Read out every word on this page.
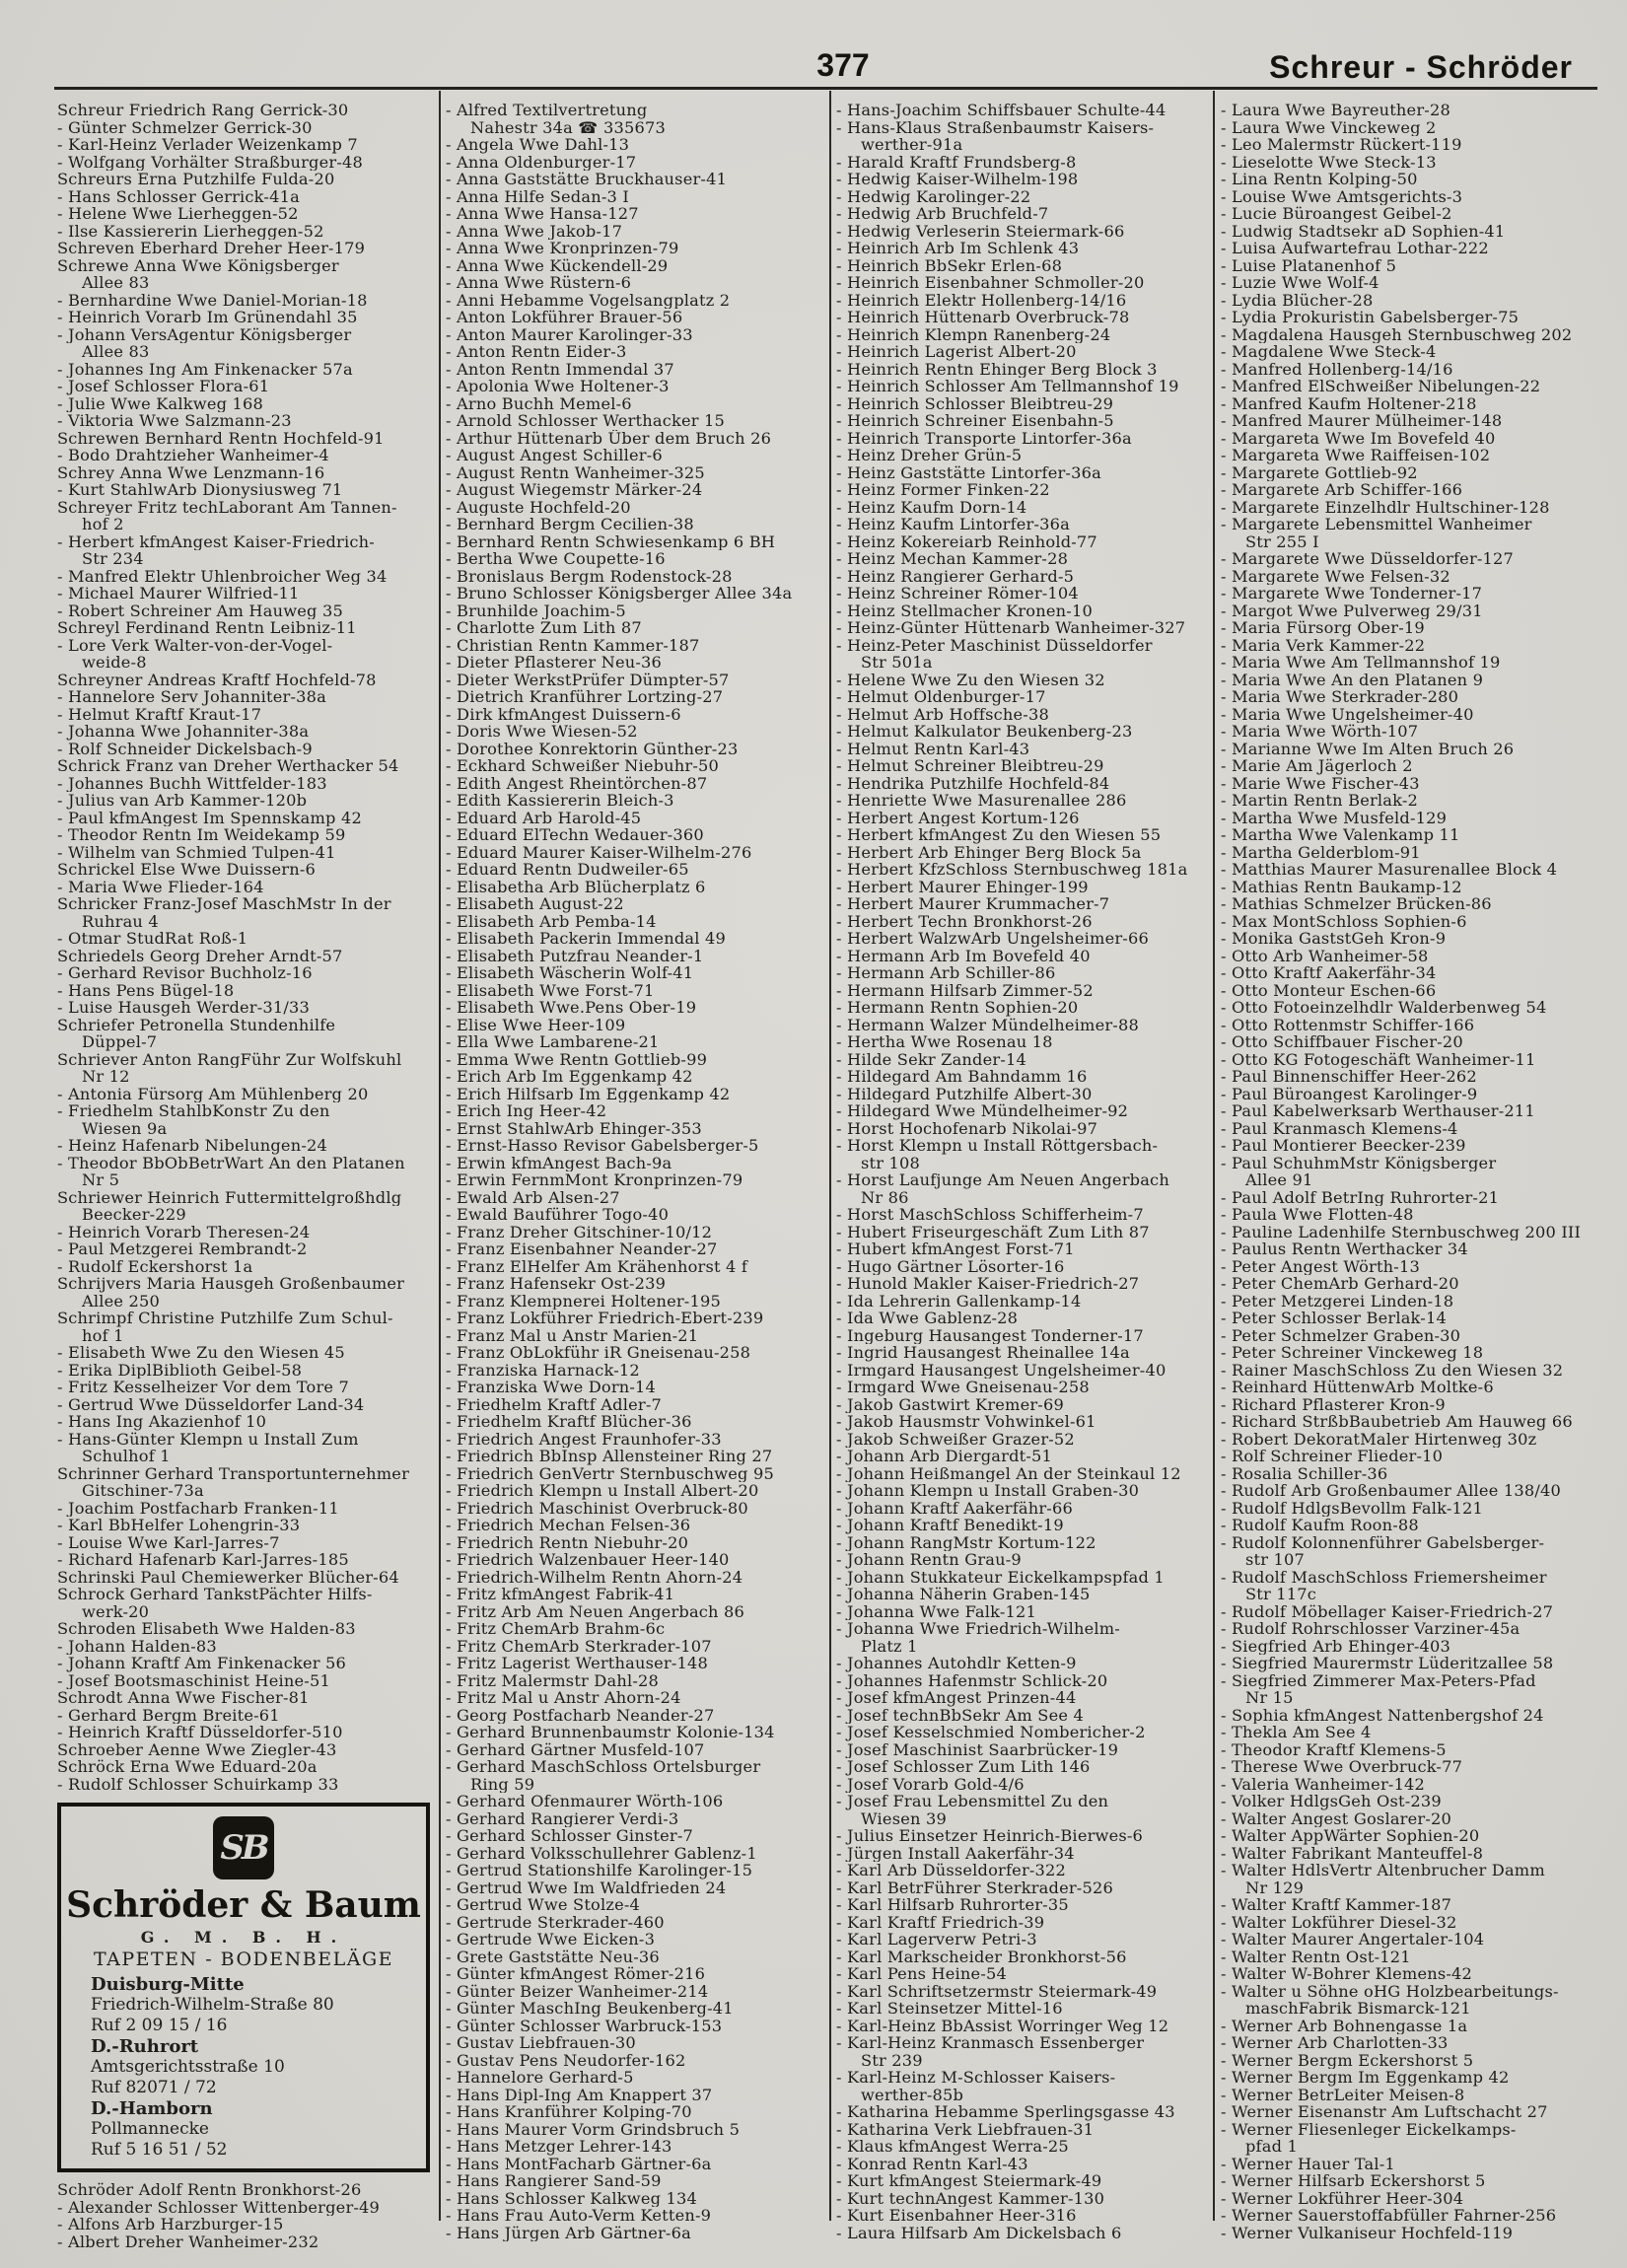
377	Schreur - Schröder
Schreur Friedrich Rang Gerrick-30
- Günter Schmelzer Gerrick-30
- Karl-Heinz Verlader Weizenkamp 7
- Wolfgang Vorhälter Straßburger-48
Schreurs Erna Putzhilfe Fulda-20
- Hans Schlosser Gerrick-41a
- Helene Wwe Lierheggen-52
- Ilse Kassiererin Lierheggen-52
Schreven Eberhard Dreher Heer-179
Schrewe Anna Wwe Königsberger
Allee 83
- Bernhardine Wwe Daniel-Morian-18
- Heinrich Vorarb Im Grünendahl 35
- Johann VersAgentur Königsberger
Allee 83
- Johannes Ing Am Finkenacker 57a
- Josef Schlosser Flora-61
- Julie Wwe Kalkweg 168
- Viktoria Wwe Salzmann-23
Schrewen Bernhard Rentn Hochfeld-91
- Bodo Drahtzieher Wanheimer-4
Schrey Anna Wwe Lenzmann-16
- Kurt StahlwArb Dionysiusweg 71
Schreyer Fritz techLaborant Am Tannen-
hof 2
- Herbert kfmAngest Kaiser-Friedrich-
Str 234
- Manfred Elektr Uhlenbroicher Weg 34
- Michael Maurer Wilfried-11
- Robert Schreiner Am Hauweg 35
Schreyl Ferdinand Rentn Leibniz-11
- Lore Verk Walter-von-der-Vogel-
weide-8
Schreyner Andreas Kraftf Hochfeld-78
- Hannelore Serv Johanniter-38a
- Helmut Kraftf Kraut-17
- Johanna Wwe Johanniter-38a
- Rolf Schneider Dickelsbach-9
Schrick Franz van Dreher Werthacker 54
- Johannes Buchh Wittfelder-183
- Julius van Arb Kammer-120b
- Paul kfmAngest Im Spennskamp 42
- Theodor Rentn Im Weidekamp 59
- Wilhelm van Schmied Tulpen-41
Schrickel Else Wwe Duissern-6
- Maria Wwe Flieder-164
Schricker Franz-Josef MaschMstr In der
Ruhrau 4
- Otmar StudRat Roß-1
Schriedels Georg Dreher Arndt-57
- Gerhard Revisor Buchholz-16
- Hans Pens Bügel-18
- Luise Hausgeh Werder-31/33
Schriefer Petronella Stundenhilfe
Düppel-7
Schriever Anton RangFühr Zur Wolfskuhl
Nr 12
- Antonia Fürsorg Am Mühlenberg 20
- Friedhelm StahlbKonstr Zu den
Wiesen 9a
- Heinz Hafenarb Nibelungen-24
- Theodor BbObBetrWart An den Platanen
Nr 5
Schriewer Heinrich Futtermittelgroßhdlg
Beecker-229
- Heinrich Vorarb Theresen-24
- Paul Metzgerei Rembrandt-2
- Rudolf Eckershorst 1a
Schrijvers Maria Hausgeh Großenbaumer
Allee 250
Schrimpf Christine Putzhilfe Zum Schul-
hof 1
- Elisabeth Wwe Zu den Wiesen 45
- Erika DiplBiblioth Geibel-58
- Fritz Kesselheizer Vor dem Tore 7
- Gertrud Wwe Düsseldorfer Land-34
- Hans Ing Akazienhof 10
- Hans-Günter Klempn u Install Zum
Schulhof 1
Schrinner Gerhard Transportunternehmer
Gitschiner-73a
- Joachim Postfacharb Franken-11
- Karl BbHelfer Lohengrin-33
- Louise Wwe Karl-Jarres-7
- Richard Hafenarb Karl-Jarres-185
Schrinski Paul Chemiewerker Blücher-64
Schrock Gerhard TankstPächter Hilfs-
werk-20
Schroden Elisabeth Wwe Halden-83
- Johann Halden-83
- Johann Kraftf Am Finkenacker 56
- Josef Bootsmaschinist Heine-51
Schrodt Anna Wwe Fischer-81
- Gerhard Bergm Breite-61
- Heinrich Kraftf Düsseldorfer-510
Schroeber Aenne Wwe Ziegler-43
Schröck Erna Wwe Eduard-20a
- Rudolf Schlosser Schuirkamp 33
SB
Schröder & Baum
G. M. B. H.
TAPETEN - BODENBELÄGE
Duisburg-Mitte
Friedrich-Wilhelm-Straße 80
Ruf 2 09 15 / 16
D.-Ruhrort
Amtsgerichtsstraße 10
Ruf 82071 / 72
D.-Hamborn
Pollmannecke
Ruf 5 16 51 / 52
Schröder Adolf Rentn Bronkhorst-26
- Alexander Schlosser Wittenberger-49
- Alfons Arb Harzburger-15
- Albert Dreher Wanheimer-232
- Alfred Textilvertretung
Nahestr 34a ☎ 335673
- Angela Wwe Dahl-13
- Anna Oldenburger-17
- Anna Gaststätte Bruckhauser-41
- Anna Hilfe Sedan-3 I
- Anna Wwe Hansa-127
- Anna Wwe Jakob-17
- Anna Wwe Kronprinzen-79
- Anna Wwe Kückendell-29
- Anna Wwe Rüstern-6
- Anni Hebamme Vogelsangplatz 2
- Anton Lokführer Brauer-56
- Anton Maurer Karolinger-33
- Anton Rentn Eider-3
- Anton Rentn Immendal 37
- Apolonia Wwe Holtener-3
- Arno Buchh Memel-6
- Arnold Schlosser Werthacker 15
- Arthur Hüttenarb Über dem Bruch 26
- August Angest Schiller-6
- August Rentn Wanheimer-325
- August Wiegemstr Märker-24
- Auguste Hochfeld-20
- Bernhard Bergm Cecilien-38
- Bernhard Rentn Schwiesenkamp 6 BH
- Bertha Wwe Coupette-16
- Bronislaus Bergm Rodenstock-28
- Bruno Schlosser Königsberger Allee 34a
- Brunhilde Joachim-5
- Charlotte Zum Lith 87
- Christian Rentn Kammer-187
- Dieter Pflasterer Neu-36
- Dieter WerkstPrüfer Dümpter-57
- Dietrich Kranführer Lortzing-27
- Dirk kfmAngest Duissern-6
- Doris Wwe Wiesen-52
- Dorothee Konrektorin Günther-23
- Eckhard Schweißer Niebuhr-50
- Edith Angest Rheintörchen-87
- Edith Kassiererin Bleich-3
- Eduard Arb Harold-45
- Eduard ElTechn Wedauer-360
- Eduard Maurer Kaiser-Wilhelm-276
- Eduard Rentn Dudweiler-65
- Elisabetha Arb Blücherplatz 6
- Elisabeth August-22
- Elisabeth Arb Pemba-14
- Elisabeth Packerin Immendal 49
- Elisabeth Putzfrau Neander-1
- Elisabeth Wäscherin Wolf-41
- Elisabeth Wwe Forst-71
- Elisabeth Wwe.Pens Ober-19
- Elise Wwe Heer-109
- Ella Wwe Lambarene-21
- Emma Wwe Rentn Gottlieb-99
- Erich Arb Im Eggenkamp 42
- Erich Hilfsarb Im Eggenkamp 42
- Erich Ing Heer-42
- Ernst StahlwArb Ehinger-353
- Ernst-Hasso Revisor Gabelsberger-5
- Erwin kfmAngest Bach-9a
- Erwin FernmMont Kronprinzen-79
- Ewald Arb Alsen-27
- Ewald Bauführer Togo-40
- Franz Dreher Gitschiner-10/12
- Franz Eisenbahner Neander-27
- Franz ElHelfer Am Krähenhorst 4 f
- Franz Hafensekr Ost-239
- Franz Klempnerei Holtener-195
- Franz Lokführer Friedrich-Ebert-239
- Franz Mal u Anstr Marien-21
- Franz ObLokführ iR Gneisenau-258
- Franziska Harnack-12
- Franziska Wwe Dorn-14
- Friedhelm Kraftf Adler-7
- Friedhelm Kraftf Blücher-36
- Friedrich Angest Fraunhofer-33
- Friedrich BbInsp Allensteiner Ring 27
- Friedrich GenVertr Sternbuschweg 95
- Friedrich Klempn u Install Albert-20
- Friedrich Maschinist Overbruck-80
- Friedrich Mechan Felsen-36
- Friedrich Rentn Niebuhr-20
- Friedrich Walzenbauer Heer-140
- Friedrich-Wilhelm Rentn Ahorn-24
- Fritz kfmAngest Fabrik-41
- Fritz Arb Am Neuen Angerbach 86
- Fritz ChemArb Brahm-6c
- Fritz ChemArb Sterkrader-107
- Fritz Lagerist Werthauser-148
- Fritz Malermstr Dahl-28
- Fritz Mal u Anstr Ahorn-24
- Georg Postfacharb Neander-27
- Gerhard Brunnenbaumstr Kolonie-134
- Gerhard Gärtner Musfeld-107
- Gerhard MaschSchloss Ortelsburger
Ring 59
- Gerhard Ofenmaurer Wörth-106
- Gerhard Rangierer Verdi-3
- Gerhard Schlosser Ginster-7
- Gerhard Volksschullehrer Gablenz-1
- Gertrud Stationshilfe Karolinger-15
- Gertrud Wwe Im Waldfrieden 24
- Gertrud Wwe Stolze-4
- Gertrude Sterkrader-460
- Gertrude Wwe Eicken-3
- Grete Gaststätte Neu-36
- Günter kfmAngest Römer-216
- Günter Beizer Wanheimer-214
- Günter MaschIng Beukenberg-41
- Günter Schlosser Warbruck-153
- Gustav Liebfrauen-30
- Gustav Pens Neudorfer-162
- Hannelore Gerhard-5
- Hans Dipl-Ing Am Knappert 37
- Hans Kranführer Kolping-70
- Hans Maurer Vorm Grindsbruch 5
- Hans Metzger Lehrer-143
- Hans MontFacharb Gärtner-6a
- Hans Rangierer Sand-59
- Hans Schlosser Kalkweg 134
- Hans Frau Auto-Verm Ketten-9
- Hans Jürgen Arb Gärtner-6a
- Hans-Joachim Schiffsbauer Schulte-44
- Hans-Klaus Straßenbaumstr Kaisers-
werther-91a
- Harald Kraftf Frundsberg-8
- Hedwig Kaiser-Wilhelm-198
- Hedwig Karolinger-22
- Hedwig Arb Bruchfeld-7
- Hedwig Verleserin Steiermark-66
- Heinrich Arb Im Schlenk 43
- Heinrich BbSekr Erlen-68
- Heinrich Eisenbahner Schmoller-20
- Heinrich Elektr Hollenberg-14/16
- Heinrich Hüttenarb Overbruck-78
- Heinrich Klempn Ranenberg-24
- Heinrich Lagerist Albert-20
- Heinrich Rentn Ehinger Berg Block 3
- Heinrich Schlosser Am Tellmannshof 19
- Heinrich Schlosser Bleibtreu-29
- Heinrich Schreiner Eisenbahn-5
- Heinrich Transporte Lintorfer-36a
- Heinz Dreher Grün-5
- Heinz Gaststätte Lintorfer-36a
- Heinz Former Finken-22
- Heinz Kaufm Dorn-14
- Heinz Kaufm Lintorfer-36a
- Heinz Kokereiarb Reinhold-77
- Heinz Mechan Kammer-28
- Heinz Rangierer Gerhard-5
- Heinz Schreiner Römer-104
- Heinz Stellmacher Kronen-10
- Heinz-Günter Hüttenarb Wanheimer-327
- Heinz-Peter Maschinist Düsseldorfer
Str 501a
- Helene Wwe Zu den Wiesen 32
- Helmut Oldenburger-17
- Helmut Arb Hoffsche-38
- Helmut Kalkulator Beukenberg-23
- Helmut Rentn Karl-43
- Helmut Schreiner Bleibtreu-29
- Hendrika Putzhilfe Hochfeld-84
- Henriette Wwe Masurenallee 286
- Herbert Angest Kortum-126
- Herbert kfmAngest Zu den Wiesen 55
- Herbert Arb Ehinger Berg Block 5a
- Herbert KfzSchloss Sternbuschweg 181a
- Herbert Maurer Ehinger-199
- Herbert Maurer Krummacher-7
- Herbert Techn Bronkhorst-26
- Herbert WalzwArb Ungelsheimer-66
- Hermann Arb Im Bovefeld 40
- Hermann Arb Schiller-86
- Hermann Hilfsarb Zimmer-52
- Hermann Rentn Sophien-20
- Hermann Walzer Mündelheimer-88
- Hertha Wwe Rosenau 18
- Hilde Sekr Zander-14
- Hildegard Am Bahndamm 16
- Hildegard Putzhilfe Albert-30
- Hildegard Wwe Mündelheimer-92
- Horst Hochofenarb Nikolai-97
- Horst Klempn u Install Röttgersbach-
str 108
- Horst Laufjunge Am Neuen Angerbach
Nr 86
- Horst MaschSchloss Schifferheim-7
- Hubert Friseurgeschäft Zum Lith 87
- Hubert kfmAngest Forst-71
- Hugo Gärtner Lösorter-16
- Hunold Makler Kaiser-Friedrich-27
- Ida Lehrerin Gallenkamp-14
- Ida Wwe Gablenz-28
- Ingeburg Hausangest Tonderner-17
- Ingrid Hausangest Rheinallee 14a
- Irmgard Hausangest Ungelsheimer-40
- Irmgard Wwe Gneisenau-258
- Jakob Gastwirt Kremer-69
- Jakob Hausmstr Vohwinkel-61
- Jakob Schweißer Grazer-52
- Johann Arb Diergardt-51
- Johann Heißmangel An der Steinkaul 12
- Johann Klempn u Install Graben-30
- Johann Kraftf Aakerfähr-66
- Johann Kraftf Benedikt-19
- Johann RangMstr Kortum-122
- Johann Rentn Grau-9
- Johann Stukkateur Eickelkampspfad 1
- Johanna Näherin Graben-145
- Johanna Wwe Falk-121
- Johanna Wwe Friedrich-Wilhelm-
Platz 1
- Johannes Autohdlr Ketten-9
- Johannes Hafenmstr Schlick-20
- Josef kfmAngest Prinzen-44
- Josef technBbSekr Am See 4
- Josef Kesselschmied Nombericher-2
- Josef Maschinist Saarbrücker-19
- Josef Schlosser Zum Lith 146
- Josef Vorarb Gold-4/6
- Josef Frau Lebensmittel Zu den
Wiesen 39
- Julius Einsetzer Heinrich-Bierwes-6
- Jürgen Install Aakerfähr-34
- Karl Arb Düsseldorfer-322
- Karl BetrFührer Sterkrader-526
- Karl Hilfsarb Ruhrorter-35
- Karl Kraftf Friedrich-39
- Karl Lagerverw Petri-3
- Karl Markscheider Bronkhorst-56
- Karl Pens Heine-54
- Karl Schriftsetzermstr Steiermark-49
- Karl Steinsetzer Mittel-16
- Karl-Heinz BbAssist Worringer Weg 12
- Karl-Heinz Kranmasch Essenberger
Str 239
- Karl-Heinz M-Schlosser Kaisers-
werther-85b
- Katharina Hebamme Sperlingsgasse 43
- Katharina Verk Liebfrauen-31
- Klaus kfmAngest Werra-25
- Konrad Rentn Karl-43
- Kurt kfmAngest Steiermark-49
- Kurt technAngest Kammer-130
- Kurt Eisenbahner Heer-316
- Laura Hilfsarb Am Dickelsbach 6
- Laura Wwe Bayreuther-28
- Laura Wwe Vinckeweg 2
- Leo Malermstr Rückert-119
- Lieselotte Wwe Steck-13
- Lina Rentn Kolping-50
- Louise Wwe Amtsgerichts-3
- Lucie Büroangest Geibel-2
- Ludwig Stadtsekr aD Sophien-41
- Luisa Aufwartefrau Lothar-222
- Luise Platanenhof 5
- Luzie Wwe Wolf-4
- Lydia Blücher-28
- Lydia Prokuristin Gabelsberger-75
- Magdalena Hausgeh Sternbuschweg 202
- Magdalene Wwe Steck-4
- Manfred Hollenberg-14/16
- Manfred ElSchweißer Nibelungen-22
- Manfred Kaufm Holtener-218
- Manfred Maurer Mülheimer-148
- Margareta Wwe Im Bovefeld 40
- Margareta Wwe Raiffeisen-102
- Margarete Gottlieb-92
- Margarete Arb Schiffer-166
- Margarete Einzelhdlr Hultschiner-128
- Margarete Lebensmittel Wanheimer
Str 255 I
- Margarete Wwe Düsseldorfer-127
- Margarete Wwe Felsen-32
- Margarete Wwe Tonderner-17
- Margot Wwe Pulverweg 29/31
- Maria Fürsorg Ober-19
- Maria Verk Kammer-22
- Maria Wwe Am Tellmannshof 19
- Maria Wwe An den Platanen 9
- Maria Wwe Sterkrader-280
- Maria Wwe Ungelsheimer-40
- Maria Wwe Wörth-107
- Marianne Wwe Im Alten Bruch 26
- Marie Am Jägerloch 2
- Marie Wwe Fischer-43
- Martin Rentn Berlak-2
- Martha Wwe Musfeld-129
- Martha Wwe Valenkamp 11
- Martha Gelderblom-91
- Matthias Maurer Masurenallee Block 4
- Mathias Rentn Baukamp-12
- Mathias Schmelzer Brücken-86
- Max MontSchloss Sophien-6
- Monika GaststGeh Kron-9
- Otto Arb Wanheimer-58
- Otto Kraftf Aakerfähr-34
- Otto Monteur Eschen-66
- Otto Fotoeinzelhdlr Walderbenweg 54
- Otto Rottenmstr Schiffer-166
- Otto Schiffbauer Fischer-20
- Otto KG Fotogeschäft Wanheimer-11
- Paul Binnenschiffer Heer-262
- Paul Büroangest Karolinger-9
- Paul Kabelwerksarb Werthauser-211
- Paul Kranmasch Klemens-4
- Paul Montierer Beecker-239
- Paul SchuhmMstr Königsberger
Allee 91
- Paul Adolf BetrIng Ruhrorter-21
- Paula Wwe Flotten-48
- Pauline Ladenhilfe Sternbuschweg 200 III
- Paulus Rentn Werthacker 34
- Peter Angest Wörth-13
- Peter ChemArb Gerhard-20
- Peter Metzgerei Linden-18
- Peter Schlosser Berlak-14
- Peter Schmelzer Graben-30
- Peter Schreiner Vinckeweg 18
- Rainer MaschSchloss Zu den Wiesen 32
- Reinhard HüttenwArb Moltke-6
- Richard Pflasterer Kron-9
- Richard StrßbBaubetrieb Am Hauweg 66
- Robert DekoratMaler Hirtenweg 30z
- Rolf Schreiner Flieder-10
- Rosalia Schiller-36
- Rudolf Arb Großenbaumer Allee 138/40
- Rudolf HdlgsBevollm Falk-121
- Rudolf Kaufm Roon-88
- Rudolf Kolonnenführer Gabelsberger-
str 107
- Rudolf MaschSchloss Friemersheimer
Str 117c
- Rudolf Möbellager Kaiser-Friedrich-27
- Rudolf Rohrschlosser Varziner-45a
- Siegfried Arb Ehinger-403
- Siegfried Maurermstr Lüderitzallee 58
- Siegfried Zimmerer Max-Peters-Pfad
Nr 15
- Sophia kfmAngest Nattenbergshof 24
- Thekla Am See 4
- Theodor Kraftf Klemens-5
- Therese Wwe Overbruck-77
- Valeria Wanheimer-142
- Volker HdlgsGeh Ost-239
- Walter Angest Goslarer-20
- Walter AppWärter Sophien-20
- Walter Fabrikant Manteuffel-8
- Walter HdlsVertr Altenbrucher Damm
Nr 129
- Walter Kraftf Kammer-187
- Walter Lokführer Diesel-32
- Walter Maurer Angertaler-104
- Walter Rentn Ost-121
- Walter W-Bohrer Klemens-42
- Walter u Söhne oHG Holzbearbeitungs-
maschFabrik Bismarck-121
- Werner Arb Bohnengasse 1a
- Werner Arb Charlotten-33
- Werner Bergm Eckershorst 5
- Werner Bergm Im Eggenkamp 42
- Werner BetrLeiter Meisen-8
- Werner Eisenanstr Am Luftschacht 27
- Werner Fliesenleger Eickelkamps-
pfad 1
- Werner Hauer Tal-1
- Werner Hilfsarb Eckershorst 5
- Werner Lokführer Heer-304
- Werner Sauerstoffabfüller Fahrner-256
- Werner Vulkaniseur Hochfeld-119
